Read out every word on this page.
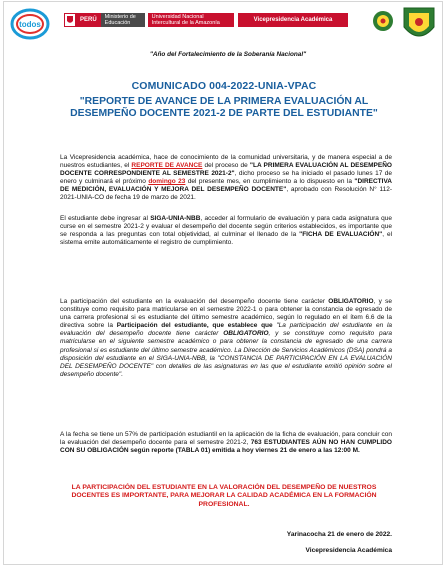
todos	PERÚ	Ministerio de Educación
Universidad Nacional Intercultural de la Amazonía	Vicepresidencia Académica
"Año del Fortalecimiento de la Soberanía Nacional"
COMUNICADO 004-2022-UNIA-VPAC
"REPORTE DE AVANCE DE LA PRIMERA EVALUACIÓN AL DESEMPEÑO DOCENTE 2021-2 DE PARTE DEL ESTUDIANTE"

La Vicepresidencia académica, hace de conocimiento de la comunidad universitaria, y de manera especial a de nuestros estudiantes, el REPORTE DE AVANCE del proceso de "LA PRIMERA EVALUACIÓN AL DESEMPEÑO DOCENTE CORRESPONDIENTE AL SEMESTRE 2021-2", dicho proceso se ha iniciado el pasado lunes 17 de enero y culminará el próximo domingo 23 del presente mes, en cumplimiento a lo dispuesto en la "DIRECTIVA DE MEDICIÓN, EVALUACIÓN Y MEJORA DEL DESEMPEÑO DOCENTE", aprobado con Resolución N° 112-2021-UNIA-CO de fecha 19 de marzo de 2021.

El estudiante debe ingresar al SIGA-UNIA-NBB, acceder al formulario de evaluación y para cada asignatura que curse en el semestre 2021-2 y evaluar el desempeño del docente según criterios establecidos, es importante que se responda a las preguntas con total objetividad, al culminar el llenado de la "FICHA DE EVALUACIÓN", el sistema emite automáticamente el registro de cumplimiento.

La participación del estudiante en la evaluación del desempeño docente tiene carácter OBLIGATORIO, y se constituye como requisito para matricularse en el semestre 2022-1 o para obtener la constancia de egresado de una carrera profesional si es estudiante del último semestre académico, según lo regulado en el ítem 6.6 de la directiva sobre la Participación del estudiante, que establece que "La participación del estudiante en la evaluación del desempeño docente tiene carácter OBLIGATORIO, y se constituye como requisito para matricularse en el siguiente semestre académico o para obtener la constancia de egresado de una carrera profesional si es estudiante del último semestre académico. La Dirección de Servicios Académicos (DSA) pondrá a disposición del estudiante en el SIGA-UNIA-NBB, la "CONSTANCIA DE PARTICIPACIÓN EN LA EVALUACIÓN DEL DESEMPEÑO DOCENTE" con detalles de las asignaturas en las que el estudiante emitió opinión sobre el desempeño docente".

A la fecha se tiene un 57% de participación estudiantil en la aplicación de la ficha de evaluación, para concluir con la evaluación del desempeño docente para el semestre 2021-2, 763 ESTUDIANTES AÚN NO HAN CUMPLIDO CON SU OBLIGACIÓN según reporte (TABLA 01) emitida a hoy viernes 21 de enero a las 12:00 M.

LA PARTICIPACIÓN DEL ESTUDIANTE EN LA VALORACIÓN DEL DESEMPEÑO DE NUESTROS DOCENTES ES IMPORTANTE, PARA MEJORAR LA CALIDAD ACADÉMICA EN LA FORMACIÓN PROFESIONAL.
Yarinacocha 21 de enero de 2022.
Vicepresidencia Académica
